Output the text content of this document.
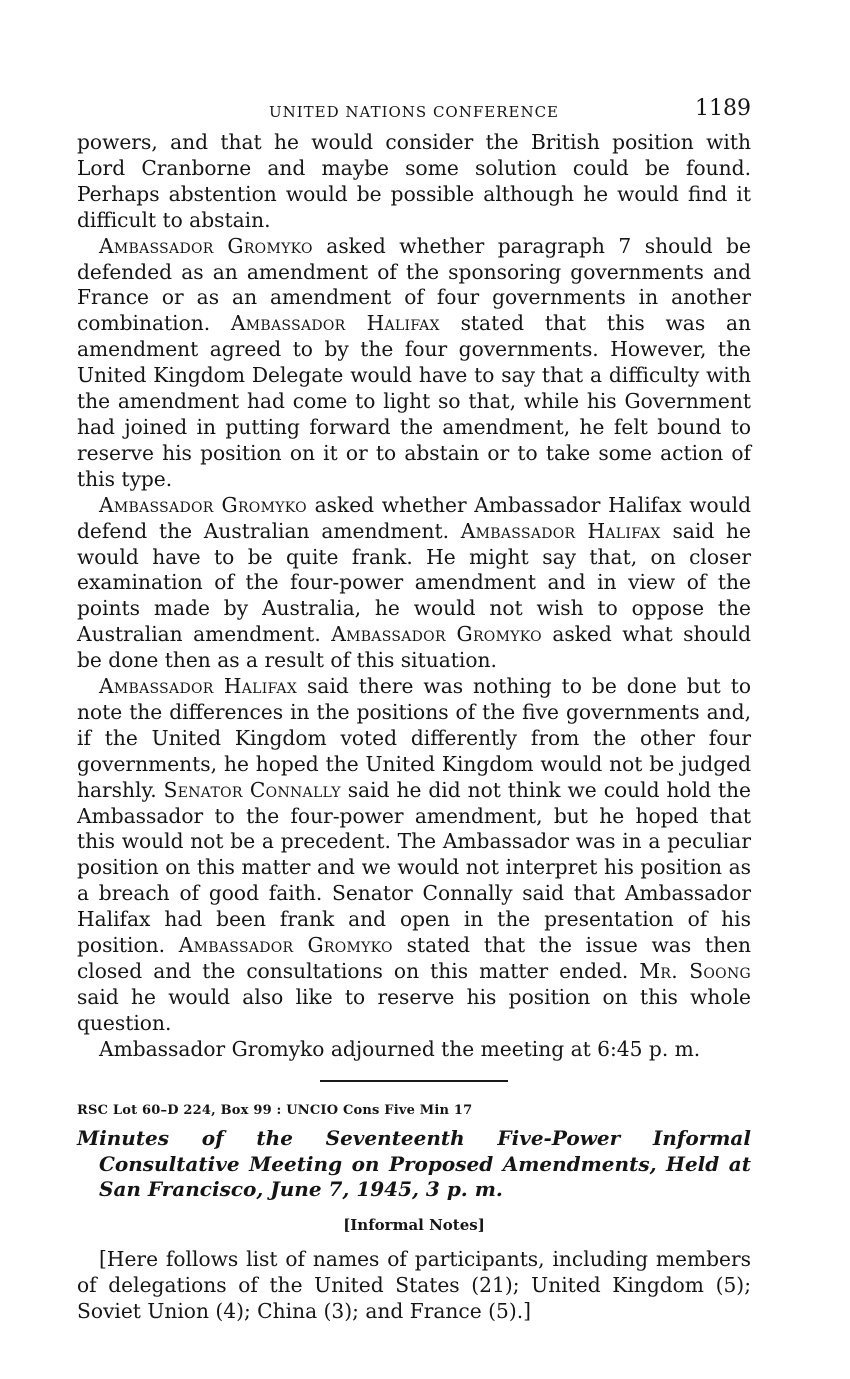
UNITED NATIONS CONFERENCE	1189

powers, and that he would consider the British position with Lord Cranborne and maybe some solution could be found. Perhaps abstention would be possible although he would find it difficult to abstain.

Ambassador Gromyko asked whether paragraph 7 should be defended as an amendment of the sponsoring governments and France or as an amendment of four governments in another combination. Ambassador Halifax stated that this was an amendment agreed to by the four governments. However, the United Kingdom Delegate would have to say that a difficulty with the amendment had come to light so that, while his Government had joined in putting forward the amendment, he felt bound to reserve his position on it or to abstain or to take some action of this type.

Ambassador Gromyko asked whether Ambassador Halifax would defend the Australian amendment. Ambassador Halifax said he would have to be quite frank. He might say that, on closer examination of the four-power amendment and in view of the points made by Australia, he would not wish to oppose the Australian amendment. Ambassador Gromyko asked what should be done then as a result of this situation.

Ambassador Halifax said there was nothing to be done but to note the differences in the positions of the five governments and, if the United Kingdom voted differently from the other four governments, he hoped the United Kingdom would not be judged harshly. Senator Connally said he did not think we could hold the Ambassador to the four-power amendment, but he hoped that this would not be a precedent. The Ambassador was in a peculiar position on this matter and we would not interpret his position as a breach of good faith. Senator Connally said that Ambassador Halifax had been frank and open in the presentation of his position. Ambassador Gromyko stated that the issue was then closed and the consultations on this matter ended. Mr. Soong said he would also like to reserve his position on this whole question.

Ambassador Gromyko adjourned the meeting at 6:45 p. m.

RSC Lot 60–D 224, Box 99 : UNCIO Cons Five Min 17
Minutes of the Seventeenth Five-Power Informal Consultative Meeting on Proposed Amendments, Held at San Francisco, June 7, 1945, 3 p. m.
[Informal Notes]

[Here follows list of names of participants, including members of delegations of the United States (21); United Kingdom (5); Soviet Union (4); China (3); and France (5).]
